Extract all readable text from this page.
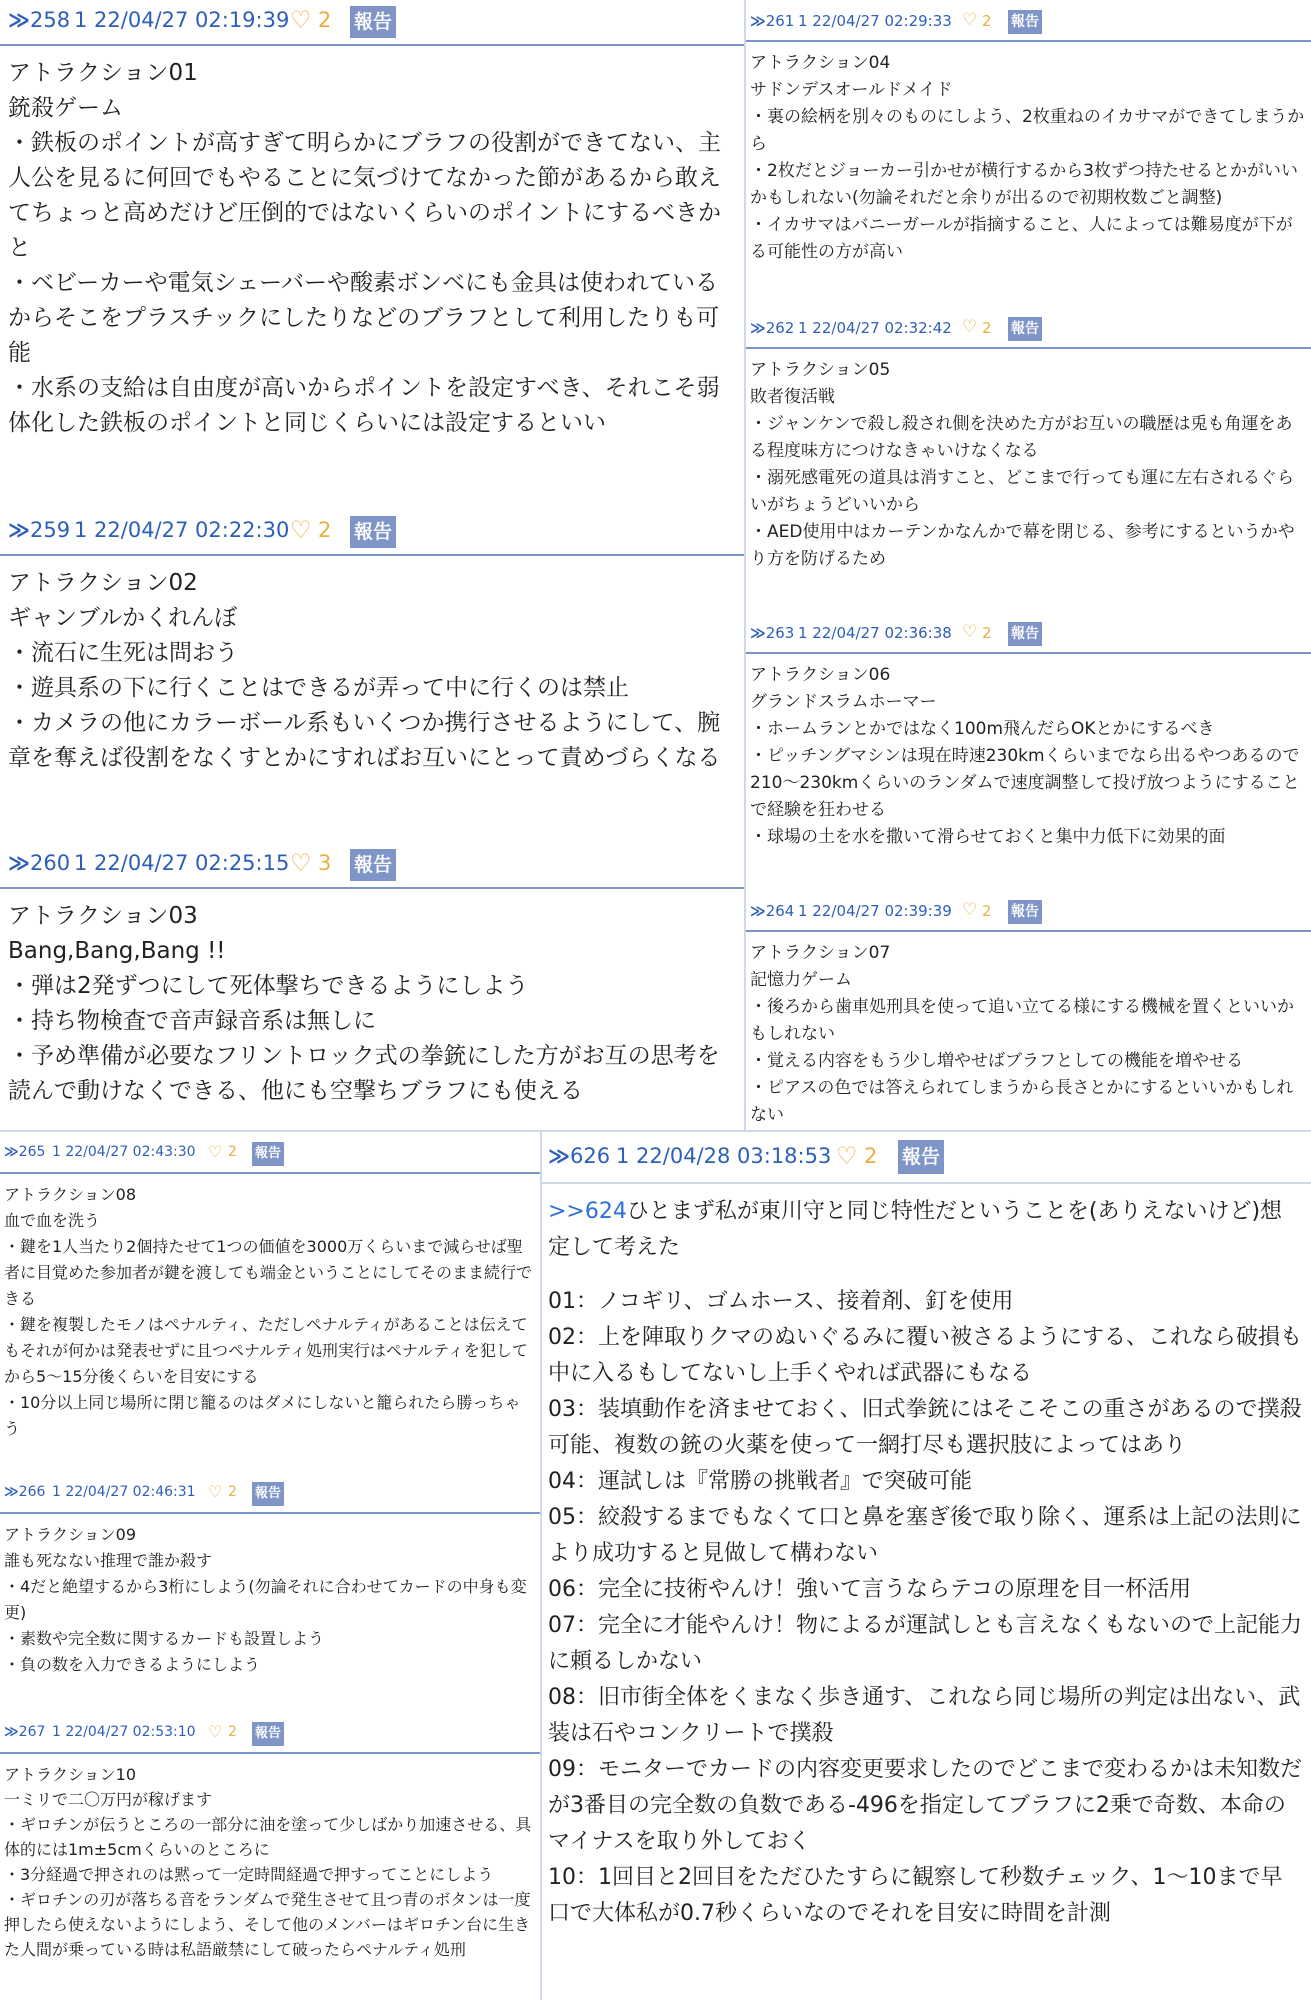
≫258 1 22/04/27 02:19:39 ♡ 2 報告
アトラクション01
銃殺ゲーム
・鉄板のポイントが高すぎて明らかにブラフの役割ができてない、主人公を見るに何回でもやることに気づけてなかった節があるから敢えてちょっと高めだけど圧倒的ではないくらいのポイントにするべきかと
・ベビーカーや電気シェーバーや酸素ボンベにも金具は使われているからそこをプラスチックにしたりなどのブラフとして利用したりも可能
・水系の支給は自由度が高いからポイントを設定すべき、それこそ弱体化した鉄板のポイントと同じくらいには設定するといい
≫259 1 22/04/27 02:22:30 ♡ 2 報告
アトラクション02
ギャンブルかくれんぼ
・流石に生死は問おう
・遊具系の下に行くことはできるが弄って中に行くのは禁止
・カメラの他にカラーボール系もいくつか携行させるようにして、腕章を奪えば役割をなくすとかにすればお互いにとって責めづらくなる
≫260 1 22/04/27 02:25:15 ♡ 3 報告
アトラクション03
Bang,Bang,Bang !!
・弾は2発ずつにして死体撃ちできるようにしよう
・持ち物検査で音声録音系は無しに
・予め準備が必要なフリントロック式の拳銃にした方がお互の思考を読んで動けなくできる、他にも空撃ちブラフにも使える
≫261 1 22/04/27 02:29:33 ♡ 2 報告
アトラクション04
サドンデスオールドメイド
・裏の絵柄を別々のものにしよう、2枚重ねのイカサマができてしまうから
・2枚だとジョーカー引かせが横行するから3枚ずつ持たせるとかがいいかもしれない(勿論それだと余りが出るので初期枚数ごと調整)
・イカサマはバニーガールが指摘すること、人によっては難易度が下がる可能性の方が高い
≫262 1 22/04/27 02:32:42 ♡ 2 報告
アトラクション05
敗者復活戦
・ジャンケンで殺し殺され側を決めた方がお互いの職歴は兎も角運をある程度味方につけなきゃいけなくなる
・溺死感電死の道具は消すこと、どこまで行っても運に左右されるぐらいがちょうどいいから
・AED使用中はカーテンかなんかで幕を閉じる、参考にするというかやり方を防げるため
≫263 1 22/04/27 02:36:38 ♡ 2 報告
アトラクション06
グランドスラムホーマー
・ホームランとかではなく100m飛んだらOKとかにするべき
・ピッチングマシンは現在時速230kmくらいまでなら出るやつあるので210〜230kmくらいのランダムで速度調整して投げ放つようにすることで経験を狂わせる
・球場の土を水を撒いて滑らせておくと集中力低下に効果的面
≫264 1 22/04/27 02:39:39 ♡ 2 報告
アトラクション07
記憶力ゲーム
・後ろから歯車処刑具を使って追い立てる様にする機械を置くといいかもしれない
・覚える内容をもう少し増やせばブラフとしての機能を増やせる
・ピアスの色では答えられてしまうから長さとかにするといいかもしれない
≫265 1 22/04/27 02:43:30 ♡ 2 報告
アトラクション08
血で血を洗う
・鍵を1人当たり2個持たせて1つの価値を3000万くらいまで減らせば聖者に目覚めた参加者が鍵を渡しても端金ということにしてそのまま続行できる
・鍵を複製したモノはペナルティ、ただしペナルティがあることは伝えてもそれが何かは発表せずに且つペナルティ処刑実行はペナルティを犯してから5〜15分後くらいを目安にする
・10分以上同じ場所に閉じ籠るのはダメにしないと籠られたら勝っちゃう
≫266 1 22/04/27 02:46:31 ♡ 2 報告
アトラクション09
誰も死なない推理で誰か殺す
・4だと絶望するから3桁にしよう(勿論それに合わせてカードの中身も変更)
・素数や完全数に関するカードも設置しよう
・負の数を入力できるようにしよう
≫267 1 22/04/27 02:53:10 ♡ 2 報告
アトラクション10
一ミリで二〇万円が稼げます
・ギロチンが伝うところの一部分に油を塗って少しばかり加速させる、具体的には1m±5cmくらいのところに
・3分経過で押されのは黙って一定時間経過で押すってことにしよう
・ギロチンの刃が落ちる音をランダムで発生させて且つ青のボタンは一度押したら使えないようにしよう、そして他のメンバーはギロチン台に生きた人間が乗っている時は私語厳禁にして破ったらペナルティ処刑
≫626 1 22/04/28 03:18:53 ♡ 2 報告
>>624ひとまず私が東川守と同じ特性だということを(ありえないけど)想定して考えた
01：ノコギリ、ゴムホース、接着剤、釘を使用
02：上を陣取りクマのぬいぐるみに覆い被さるようにする、これなら破損も中に入るもしてないし上手くやれば武器にもなる
03：装填動作を済ませておく、旧式拳銃にはそこそこの重さがあるので撲殺可能、複数の銃の火薬を使って一網打尽も選択肢によってはあり
04：運試しは『常勝の挑戦者』で突破可能
05：絞殺するまでもなくて口と鼻を塞ぎ後で取り除く、運系は上記の法則により成功すると見做して構わない
06：完全に技術やんけ！強いて言うならテコの原理を目一杯活用
07：完全に才能やんけ！物によるが運試しとも言えなくもないので上記能力に頼るしかない
08：旧市街全体をくまなく歩き通す、これなら同じ場所の判定は出ない、武装は石やコンクリートで撲殺
09：モニターでカードの内容変更要求したのでどこまで変わるかは未知数だが3番目の完全数の負数である-496を指定してブラフに2乗で奇数、本命のマイナスを取り外しておく
10：1回目と2回目をただひたすらに観察して秒数チェック、1〜10まで早口で大体私が0.7秒くらいなのでそれを目安に時間を計測
